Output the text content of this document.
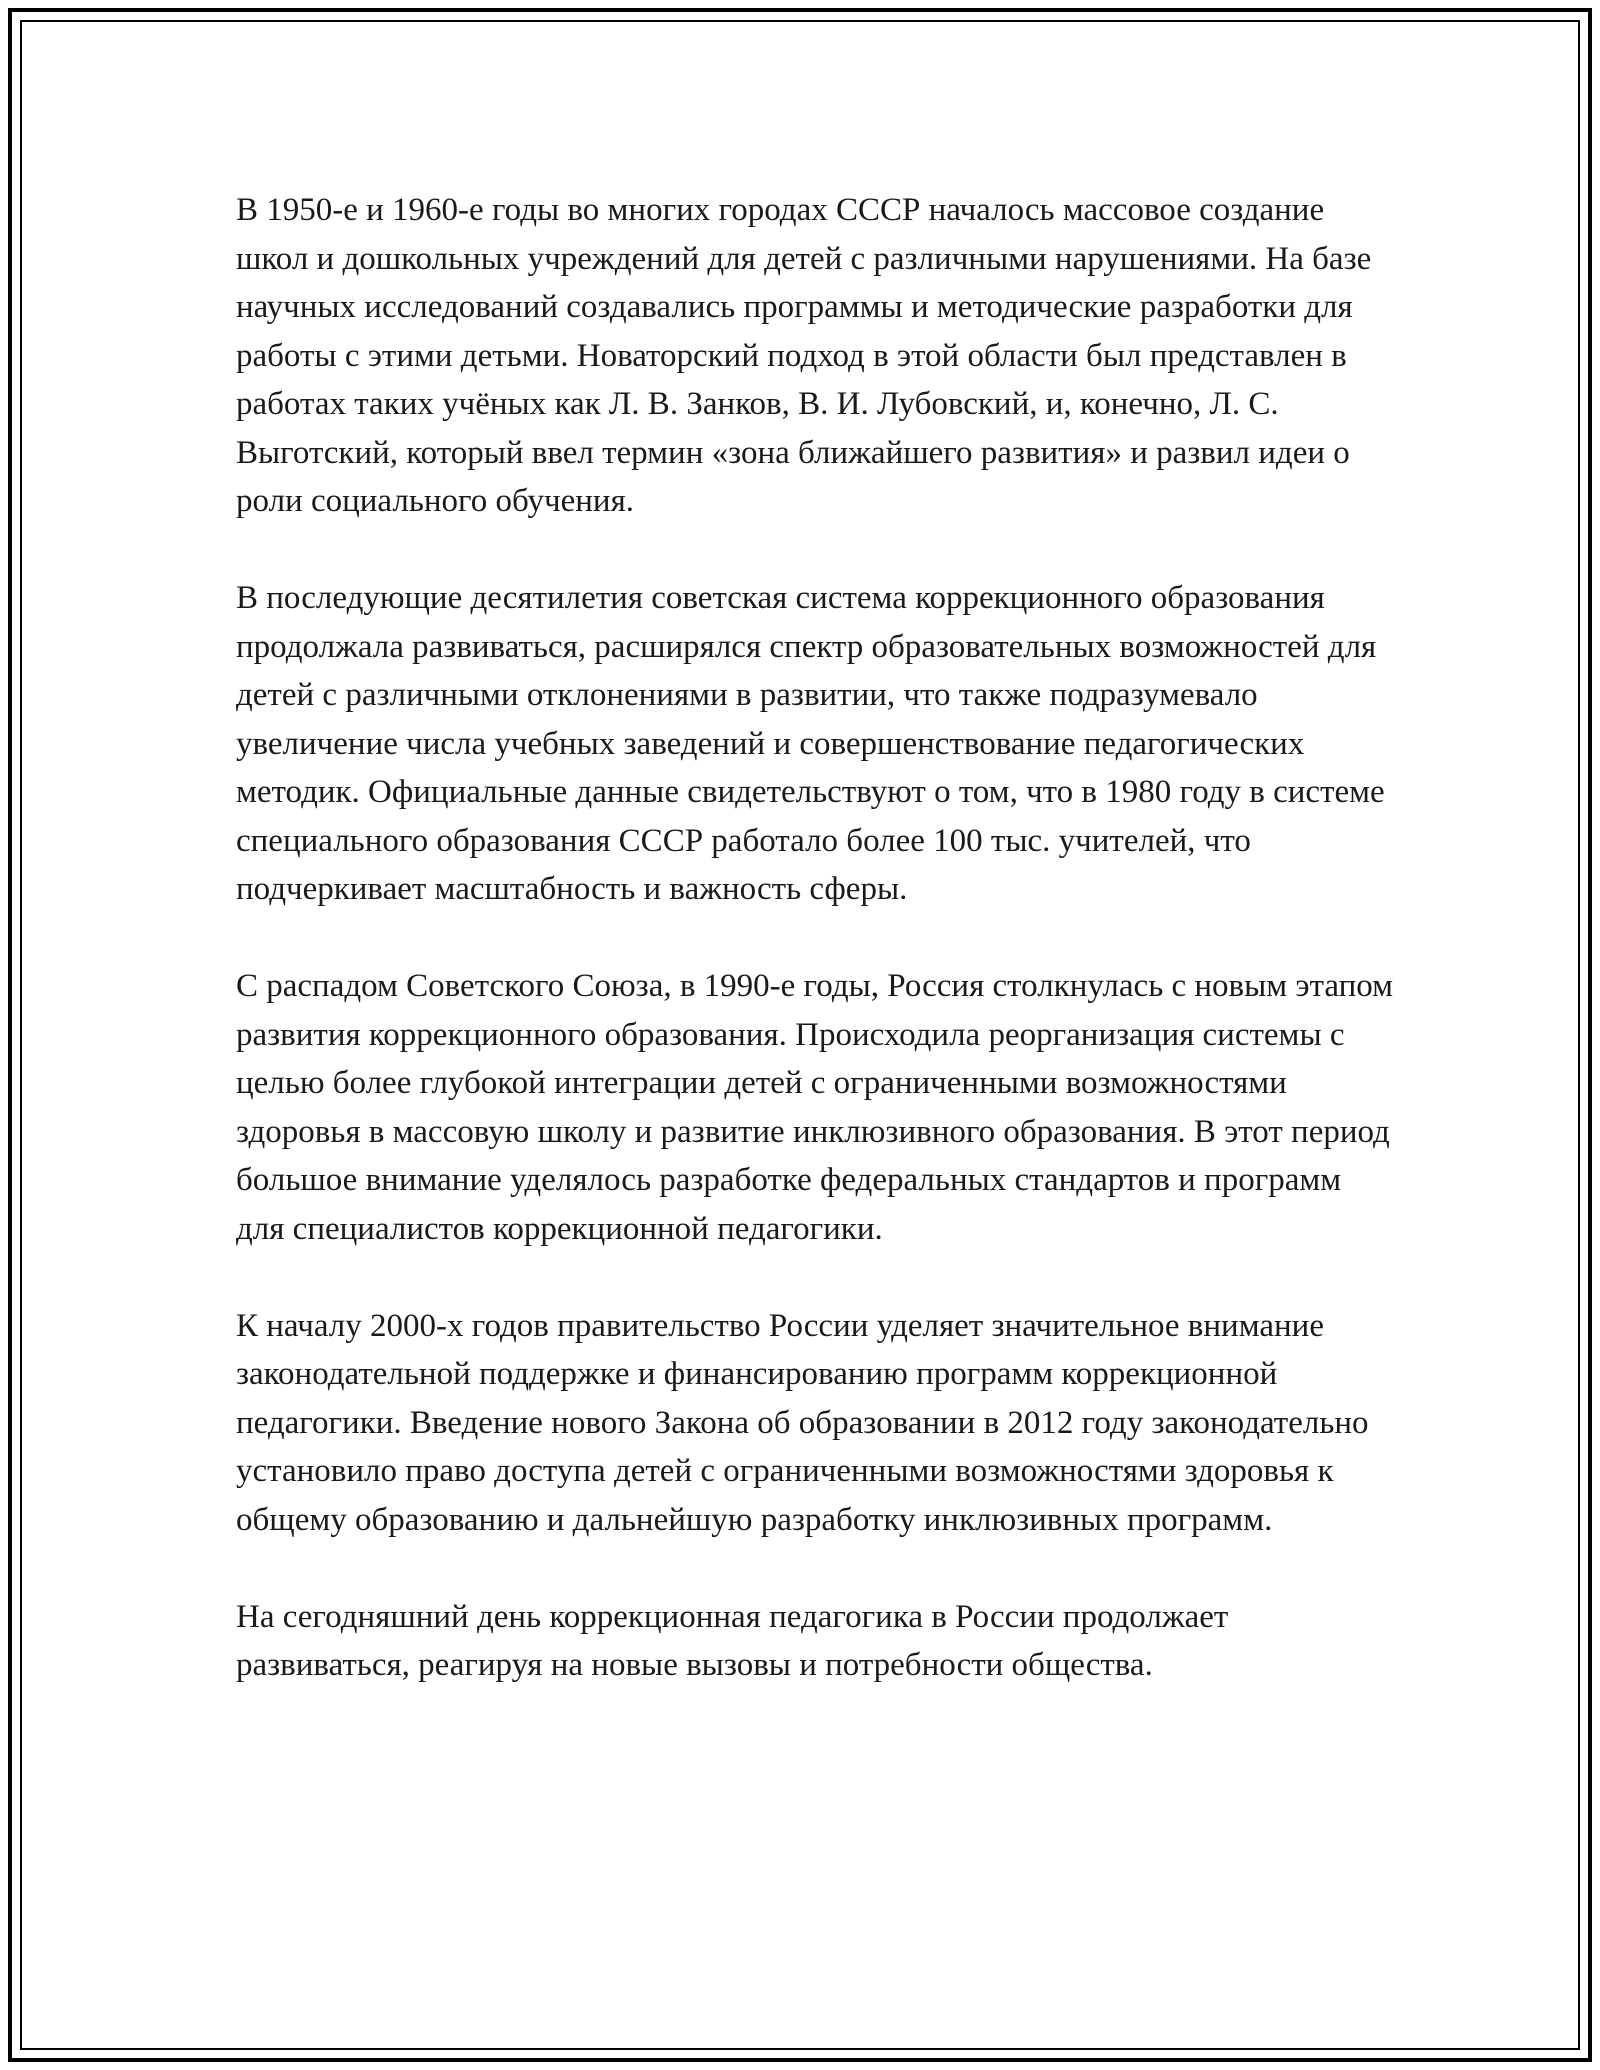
В 1950-е и 1960-е годы во многих городах СССР началось массовое создание школ и дошкольных учреждений для детей с различными нарушениями. На базе научных исследований создавались программы и методические разработки для работы с этими детьми. Новаторский подход в этой области был представлен в работах таких учёных как Л. В. Занков, В. И. Лубовский, и, конечно, Л. С. Выготский, который ввел термин «зона ближайшего развития» и развил идеи о роли социального обучения.

В последующие десятилетия советская система коррекционного образования продолжала развиваться, расширялся спектр образовательных возможностей для детей с различными отклонениями в развитии, что также подразумевало увеличение числа учебных заведений и совершенствование педагогических методик. Официальные данные свидетельствуют о том, что в 1980 году в системе специального образования СССР работало более 100 тыс. учителей, что подчеркивает масштабность и важность сферы.

С распадом Советского Союза, в 1990-е годы, Россия столкнулась с новым этапом развития коррекционного образования. Происходила реорганизация системы с целью более глубокой интеграции детей с ограниченными возможностями здоровья в массовую школу и развитие инклюзивного образования. В этот период большое внимание уделялось разработке федеральных стандартов и программ для специалистов коррекционной педагогики.

К началу 2000-х годов правительство России уделяет значительное внимание законодательной поддержке и финансированию программ коррекционной педагогики. Введение нового Закона об образовании в 2012 году законодательно установило право доступа детей с ограниченными возможностями здоровья к общему образованию и дальнейшую разработку инклюзивных программ.

На сегодняшний день коррекционная педагогика в России продолжает развиваться, реагируя на новые вызовы и потребности общества.
